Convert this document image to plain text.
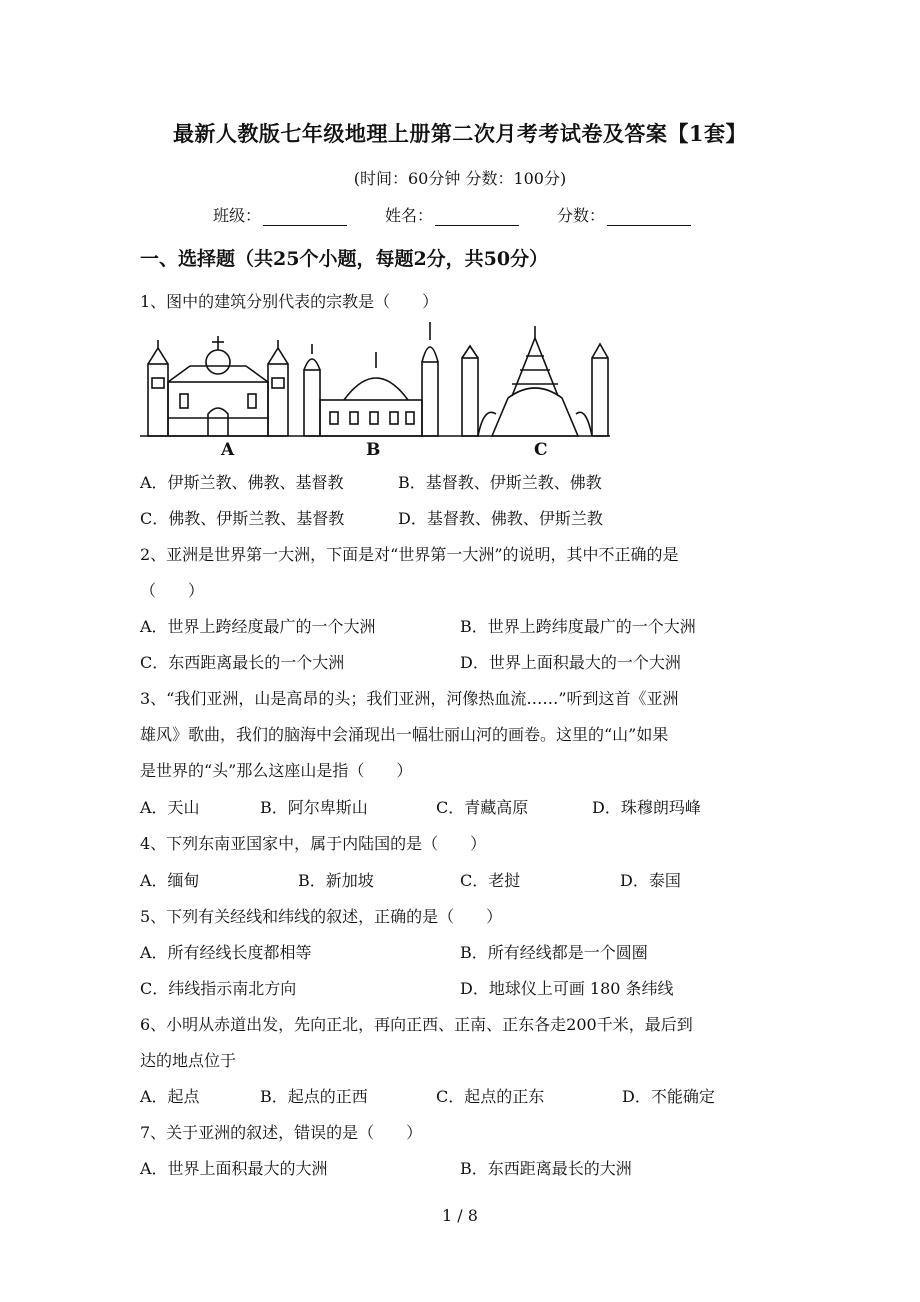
最新人教版七年级地理上册第二次月考考试卷及答案【1套】
(时间：60分钟 分数：100分)
班级：	姓名：	分数：
一、选择题（共25个小题，每题2分，共50分）
1、图中的建筑分别代表的宗教是（　　）
A	B	C
A．伊斯兰教、佛教、基督教	B．基督教、伊斯兰教、佛教
C．佛教、伊斯兰教、基督教	D．基督教、佛教、伊斯兰教
2、亚洲是世界第一大洲，下面是对“世界第一大洲”的说明，其中不正确的是
（　　）
A．世界上跨经度最广的一个大洲	B．世界上跨纬度最广的一个大洲
C．东西距离最长的一个大洲	D．世界上面积最大的一个大洲
3、“我们亚洲，山是高昂的头；我们亚洲，河像热血流……”听到这首《亚洲
雄风》歌曲，我们的脑海中会涌现出一幅壮丽山河的画卷。这里的“山”如果
是世界的“头”那么这座山是指（　　）
A．天山	B．阿尔卑斯山	C．青藏高原	D．珠穆朗玛峰
4、下列东南亚国家中，属于内陆国的是（　　）
A．缅甸	B．新加坡	C．老挝	D．泰国
5、下列有关经线和纬线的叙述，正确的是（　　）
A．所有经线长度都相等	B．所有经线都是一个圆圈
C．纬线指示南北方向	D．地球仪上可画 180 条纬线
6、小明从赤道出发，先向正北，再向正西、正南、正东各走200千米，最后到
达的地点位于
A．起点	B．起点的正西	C．起点的正东	D．不能确定
7、关于亚洲的叙述，错误的是（　　）
A．世界上面积最大的大洲	B．东西距离最长的大洲
1 / 8
